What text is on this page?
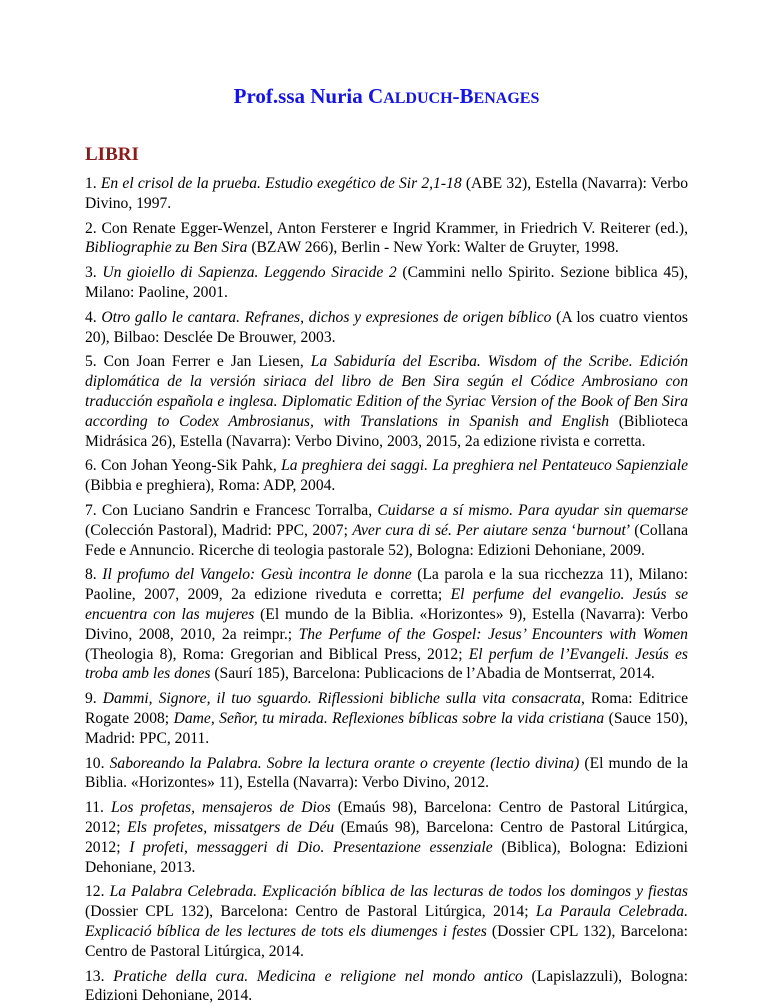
Prof.ssa Nuria CALDUCH-BENAGES
LIBRI

1. En el crisol de la prueba. Estudio exegético de Sir 2,1-18 (ABE 32), Estella (Navarra): Verbo Divino, 1997.

2. Con Renate Egger-Wenzel, Anton Fersterer e Ingrid Krammer, in Friedrich V. Reiterer (ed.), Bibliographie zu Ben Sira (BZAW 266), Berlin - New York: Walter de Gruyter, 1998.

3. Un gioiello di Sapienza. Leggendo Siracide 2 (Cammini nello Spirito. Sezione biblica 45), Milano: Paoline, 2001.

4. Otro gallo le cantara. Refranes, dichos y expresiones de origen bíblico (A los cuatro vientos 20), Bilbao: Desclée De Brouwer, 2003.

5. Con Joan Ferrer e Jan Liesen, La Sabiduría del Escriba. Wisdom of the Scribe. Edición diplomática de la versión siriaca del libro de Ben Sira según el Códice Ambrosiano con traducción española e inglesa. Diplomatic Edition of the Syriac Version of the Book of Ben Sira according to Codex Ambrosianus, with Translations in Spanish and English (Biblioteca Midrásica 26), Estella (Navarra): Verbo Divino, 2003, 2015, 2a edizione rivista e corretta.

6. Con Johan Yeong-Sik Pahk, La preghiera dei saggi. La preghiera nel Pentateuco Sapienziale (Bibbia e preghiera), Roma: ADP, 2004.

7. Con Luciano Sandrin e Francesc Torralba, Cuidarse a sí mismo. Para ayudar sin quemarse (Colección Pastoral), Madrid: PPC, 2007; Aver cura di sé. Per aiutare senza ‘burnout’ (Collana Fede e Annuncio. Ricerche di teologia pastorale 52), Bologna: Edizioni Dehoniane, 2009.

8. Il profumo del Vangelo: Gesù incontra le donne (La parola e la sua ricchezza 11), Milano: Paoline, 2007, 2009, 2a edizione riveduta e corretta; El perfume del evangelio. Jesús se encuentra con las mujeres (El mundo de la Biblia. «Horizontes» 9), Estella (Navarra): Verbo Divino, 2008, 2010, 2a reimpr.; The Perfume of the Gospel: Jesus’ Encounters with Women (Theologia 8), Roma: Gregorian and Biblical Press, 2012; El perfum de l’Evangeli. Jesús es troba amb les dones (Saurí 185), Barcelona: Publicacions de l’Abadia de Montserrat, 2014.

9. Dammi, Signore, il tuo sguardo. Riflessioni bibliche sulla vita consacrata, Roma: Editrice Rogate 2008; Dame, Señor, tu mirada. Reflexiones bíblicas sobre la vida cristiana (Sauce 150), Madrid: PPC, 2011.

10. Saboreando la Palabra. Sobre la lectura orante o creyente (lectio divina) (El mundo de la Biblia. «Horizontes» 11), Estella (Navarra): Verbo Divino, 2012.

11. Los profetas, mensajeros de Dios (Emaús 98), Barcelona: Centro de Pastoral Litúrgica, 2012; Els profetes, missatgers de Déu (Emaús 98), Barcelona: Centro de Pastoral Litúrgica, 2012; I profeti, messaggeri di Dio. Presentazione essenziale (Biblica), Bologna: Edizioni Dehoniane, 2013.

12. La Palabra Celebrada. Explicación bíblica de las lecturas de todos los domingos y fiestas (Dossier CPL 132), Barcelona: Centro de Pastoral Litúrgica, 2014; La Paraula Celebrada. Explicació bíblica de les lectures de tots els diumenges i festes (Dossier CPL 132), Barcelona: Centro de Pastoral Litúrgica, 2014.

13. Pratiche della cura. Medicina e religione nel mondo antico (Lapislazzuli), Bologna: Edizioni Dehoniane, 2014.
